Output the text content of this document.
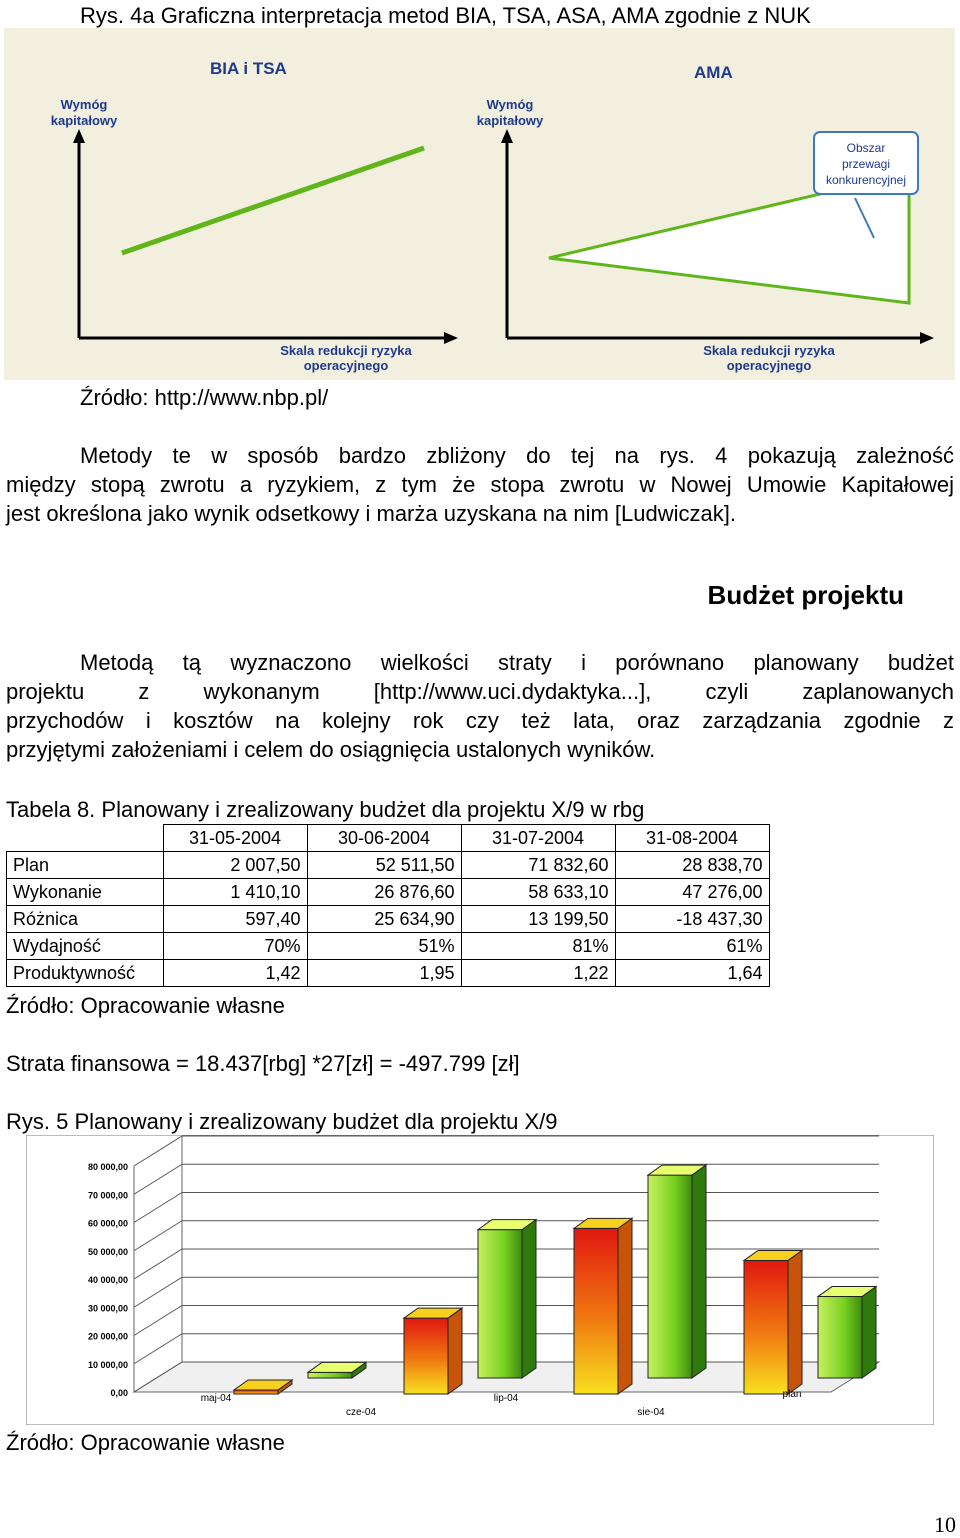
Rys. 4a Graficzna interpretacja metod BIA, TSA, ASA, AMA zgodnie z NUK
BIA i TSA
Wymóg
kapitałowy
Skala redukcji ryzyka
operacyjnego
AMA
Wymóg
kapitałowy
Obszar
przewagi
konkurencyjnej
Skala redukcji ryzyka
operacyjnego
Źródło: http://www.nbp.pl/
Metody te w sposób bardzo zbliżony do tej na rys. 4 pokazują zależność
między stopą zwrotu a ryzykiem, z tym że stopa zwrotu w Nowej Umowie Kapitałowej
jest określona jako wynik odsetkowy i marża uzyskana na nim [Ludwiczak].
Budżet projektu
Metodą tą wyznaczono wielkości straty i porównano planowany budżet
projektu z wykonanym [http://www.uci.dydaktyka...], czyli zaplanowanych
przychodów i kosztów na kolejny rok czy też lata, oraz zarządzania zgodnie z
przyjętymi założeniami i celem do osiągnięcia ustalonych wyników.
Tabela 8. Planowany i zrealizowany budżet dla projektu X/9 w rbg
	31-05-2004	30-06-2004	31-07-2004	31-08-2004
Plan	2 007,50	52 511,50	71 832,60	28 838,70
Wykonanie	1 410,10	26 876,60	58 633,10	47 276,00
Różnica	597,40	25 634,90	13 199,50	-18 437,30
Wydajność	70%	51%	81%	61%
Produktywność	1,42	1,95	1,22	1,64
Źródło: Opracowanie własne
Strata finansowa = 18.437[rbg] *27[zł] = -497.799 [zł]
Rys. 5 Planowany i zrealizowany budżet dla projektu X/9
0,00
10 000,00
20 000,00
30 000,00
40 000,00
50 000,00
60 000,00
70 000,00
80 000,00
maj-04
cze-04
lip-04
sie-04
plan
Źródło: Opracowanie własne
10
